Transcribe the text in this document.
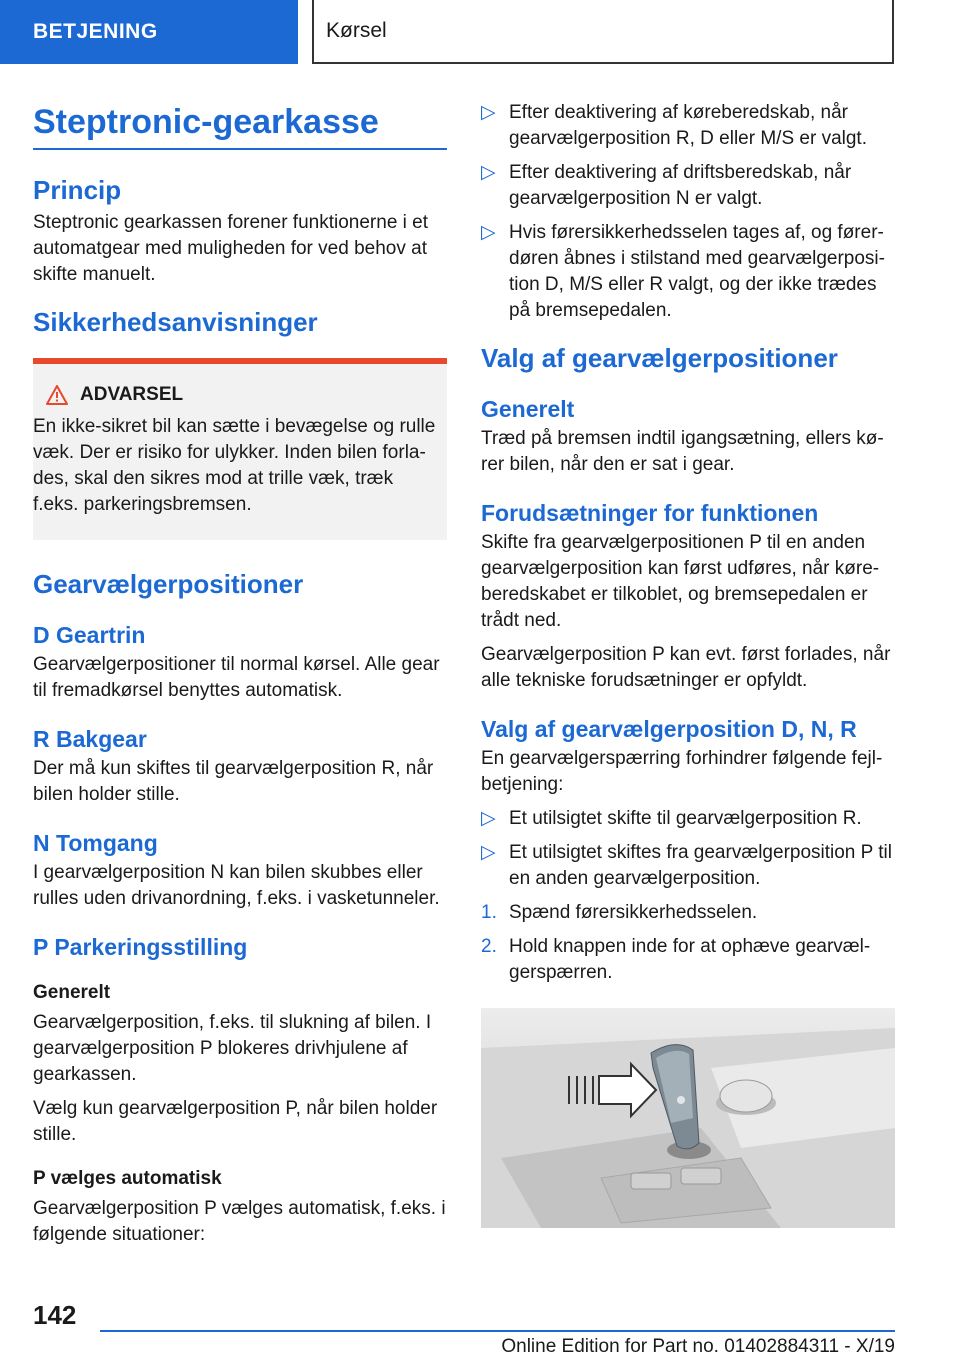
BETJENING	Kørsel
Steptronic-gearkasse
Princip

Steptronic gearkassen forener funktionerne i et automatgear med muligheden for ved behov at skifte manuelt.

Sikkerhedsanvisninger
ADVARSEL
En ikke-sikret bil kan sætte i bevægelse og rulle væk. Der er risiko for ulykker. Inden bilen forlades, skal den sikres mod at trille væk, træk f.eks. parkeringsbremsen.
Gearvælgerpositioner
D Geartrin

Gearvælgerpositioner til normal kørsel. Alle gear til fremadkørsel benyttes automatisk.

R Bakgear

Der må kun skiftes til gearvælgerposition R, når bilen holder stille.

N Tomgang

I gearvælgerposition N kan bilen skubbes eller rulles uden drivanordning, f.eks. i vasketunneler.

P Parkeringsstilling
Generelt

Gearvælgerposition, f.eks. til slukning af bilen. I gearvælgerposition P blokeres drivhjulene af gearkassen.

Vælg kun gearvælgerposition P, når bilen holder stille.

P vælges automatisk

Gearvælgerposition P vælges automatisk, f.eks. i følgende situationer:

▷ Efter deaktivering af køreberedskab, når gearvælgerposition R, D eller M/S er valgt.
▷ Efter deaktivering af driftsberedskab, når gearvælgerposition N er valgt.
▷ Hvis førersikkerhedsselen tages af, og førerdøren åbnes i stilstand med gearvælgerposition D, M/S eller R valgt, og der ikke trædes på bremsepedalen.
Valg af gearvælgerpositioner
Generelt

Træd på bremsen indtil igangsætning, ellers kører bilen, når den er sat i gear.

Forudsætninger for funktionen

Skifte fra gearvælgerpositionen P til en anden gearvælgerposition kan først udføres, når køreberedskabet er tilkoblet, og bremsepedalen er trådt ned.

Gearvælgerposition P kan evt. først forlades, når alle tekniske forudsætninger er opfyldt.

Valg af gearvælgerposition D, N, R

En gearvælgerspærring forhindrer følgende fejlbetjening:

▷ Et utilsigtet skifte til gearvælgerposition R.
▷ Et utilsigtet skiftes fra gearvælgerposition P til en anden gearvælgerposition.
1. Spænd førersikkerhedsselen.
2. Hold knappen inde for at ophæve gearvælgerspærren.
142
Online Edition for Part no. 01402884311 - X/19
